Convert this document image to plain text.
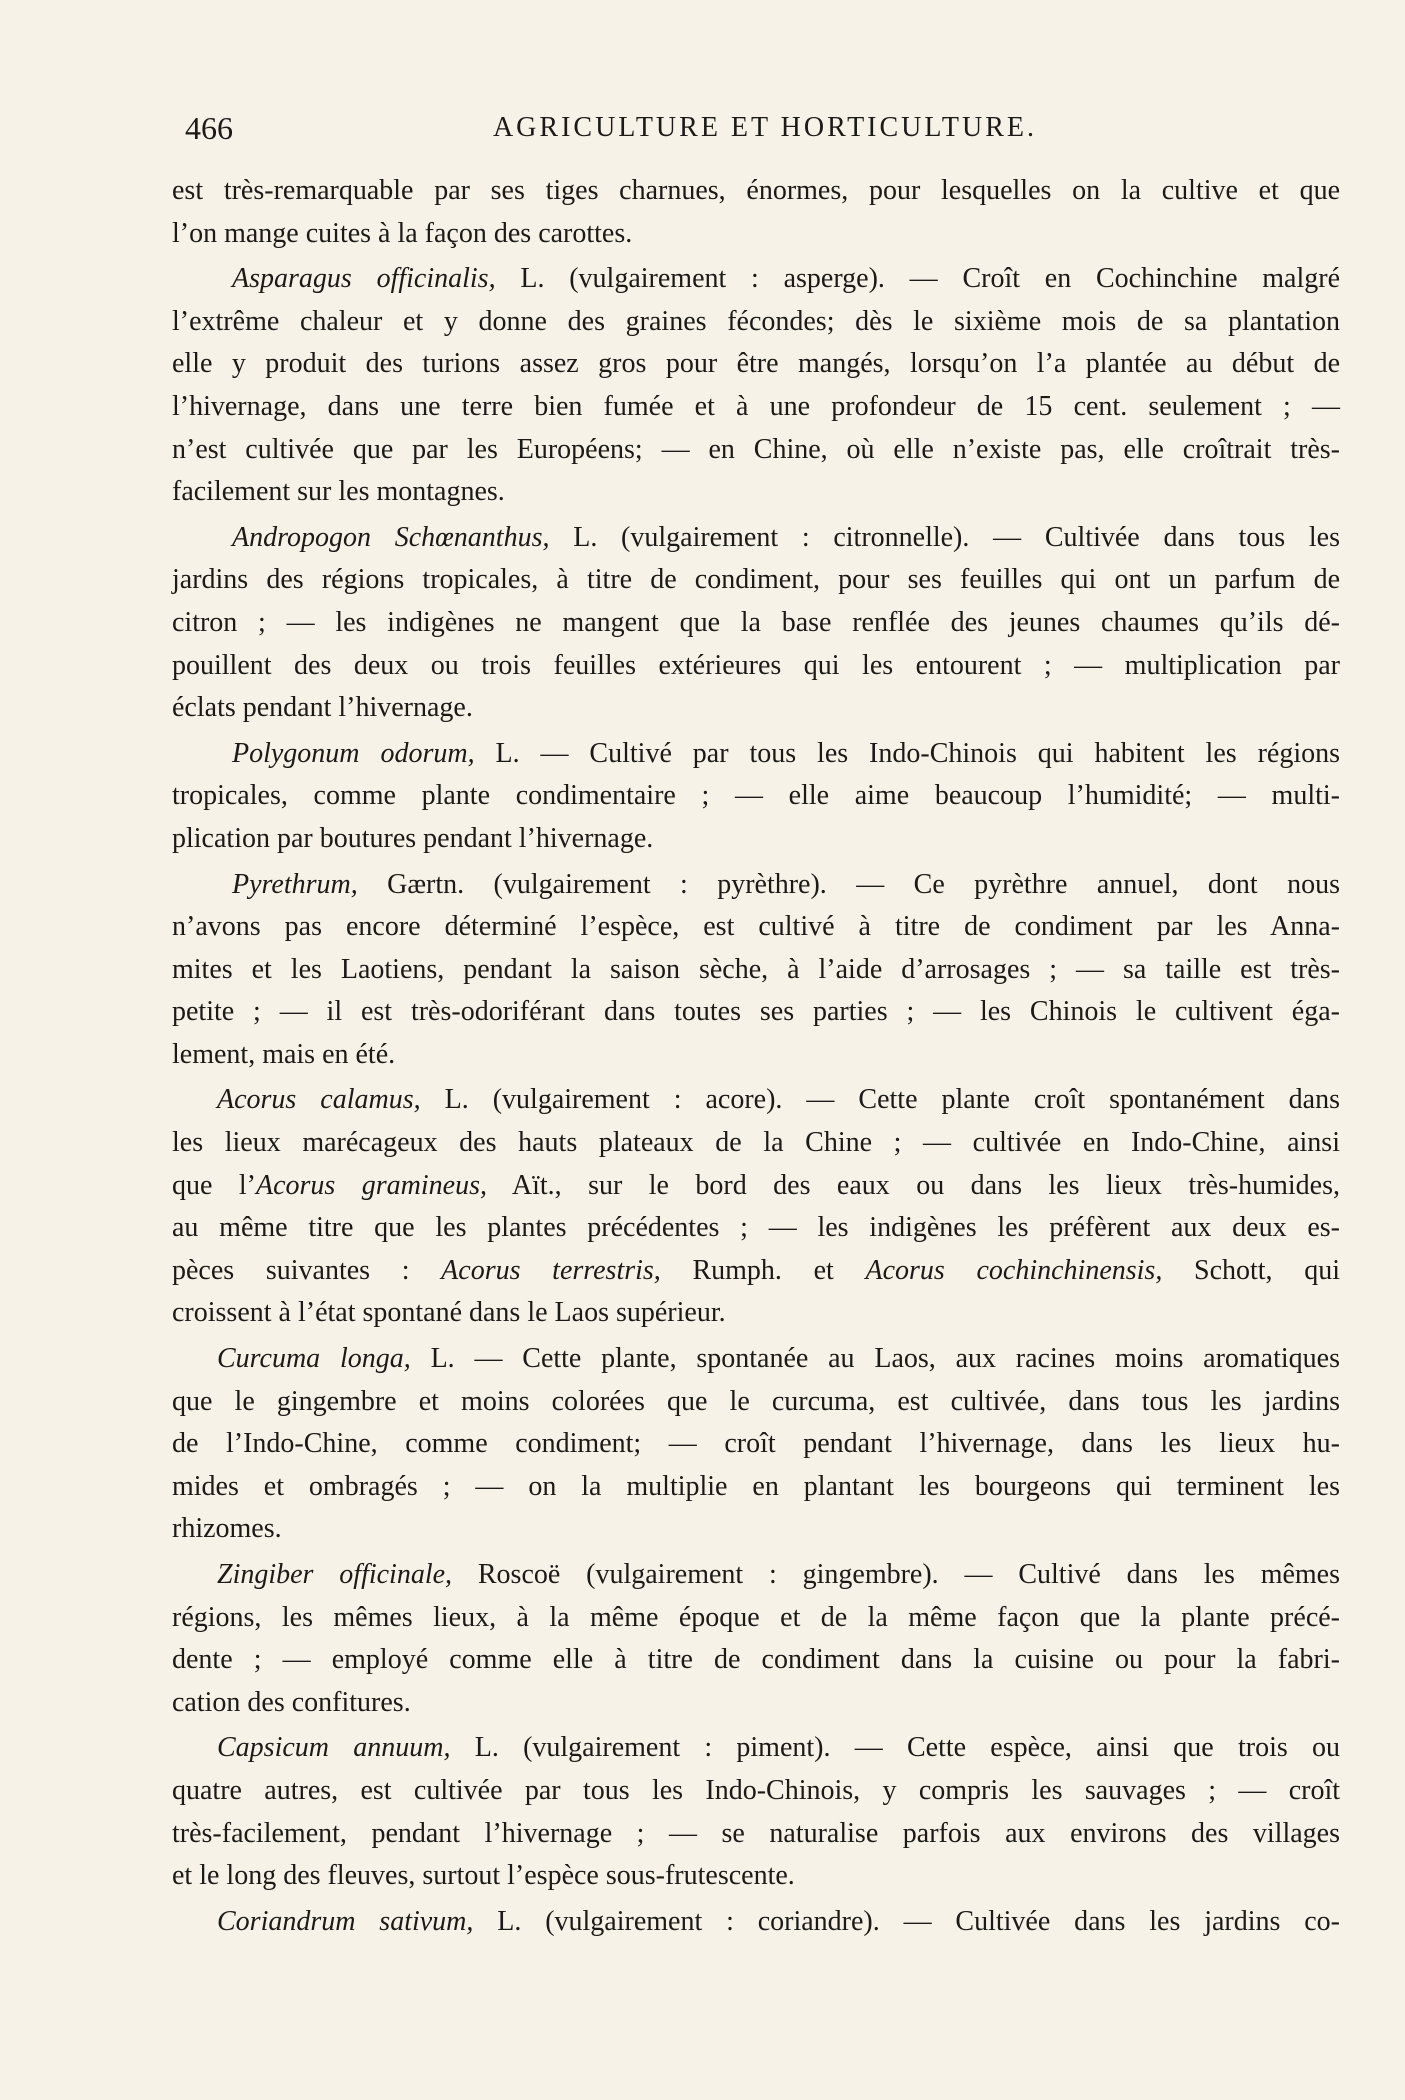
466	AGRICULTURE ET HORTICULTURE.

est très-remarquable par ses tiges charnues, énormes, pour lesquelles on la cultive et que

l’on mange cuites à la façon des carottes.

Asparagus officinalis, L. (vulgairement : asperge). — Croît en Cochinchine malgré

l’extrême chaleur et y donne des graines fécondes; dès le sixième mois de sa plantation

elle y produit des turions assez gros pour être mangés, lorsqu’on l’a plantée au début de

l’hivernage, dans une terre bien fumée et à une profondeur de 15 cent. seulement ; —

n’est cultivée que par les Européens; — en Chine, où elle n’existe pas, elle croîtrait très-

facilement sur les montagnes.

Andropogon Schœnanthus, L. (vulgairement : citronnelle). — Cultivée dans tous les

jardins des régions tropicales, à titre de condiment, pour ses feuilles qui ont un parfum de

citron ; — les indigènes ne mangent que la base renflée des jeunes chaumes qu’ils dé-

pouillent des deux ou trois feuilles extérieures qui les entourent ; — multiplication par

éclats pendant l’hivernage.

Polygonum odorum, L. — Cultivé par tous les Indo-Chinois qui habitent les régions

tropicales, comme plante condimentaire ; — elle aime beaucoup l’humidité; — multi-

plication par boutures pendant l’hivernage.

Pyrethrum, Gærtn. (vulgairement : pyrèthre). — Ce pyrèthre annuel, dont nous

n’avons pas encore déterminé l’espèce, est cultivé à titre de condiment par les Anna-

mites et les Laotiens, pendant la saison sèche, à l’aide d’arrosages ; — sa taille est très-

petite ; — il est très-odoriférant dans toutes ses parties ; — les Chinois le cultivent éga-

lement, mais en été.

Acorus calamus, L. (vulgairement : acore). — Cette plante croît spontanément dans

les lieux marécageux des hauts plateaux de la Chine ; — cultivée en Indo-Chine, ainsi

que l’Acorus gramineus, Aït., sur le bord des eaux ou dans les lieux très-humides,

au même titre que les plantes précédentes ; — les indigènes les préfèrent aux deux es-

pèces suivantes : Acorus terrestris, Rumph. et Acorus cochinchinensis, Schott, qui

croissent à l’état spontané dans le Laos supérieur.

Curcuma longa, L. — Cette plante, spontanée au Laos, aux racines moins aromatiques

que le gingembre et moins colorées que le curcuma, est cultivée, dans tous les jardins

de l’Indo-Chine, comme condiment; — croît pendant l’hivernage, dans les lieux hu-

mides et ombragés ; — on la multiplie en plantant les bourgeons qui terminent les

rhizomes.

Zingiber officinale, Roscoë (vulgairement : gingembre). — Cultivé dans les mêmes

régions, les mêmes lieux, à la même époque et de la même façon que la plante précé-

dente ; — employé comme elle à titre de condiment dans la cuisine ou pour la fabri-

cation des confitures.

Capsicum annuum, L. (vulgairement : piment). — Cette espèce, ainsi que trois ou

quatre autres, est cultivée par tous les Indo-Chinois, y compris les sauvages ; — croît

très-facilement, pendant l’hivernage ; — se naturalise parfois aux environs des villages

et le long des fleuves, surtout l’espèce sous-frutescente.

Coriandrum sativum, L. (vulgairement : coriandre). — Cultivée dans les jardins co-
